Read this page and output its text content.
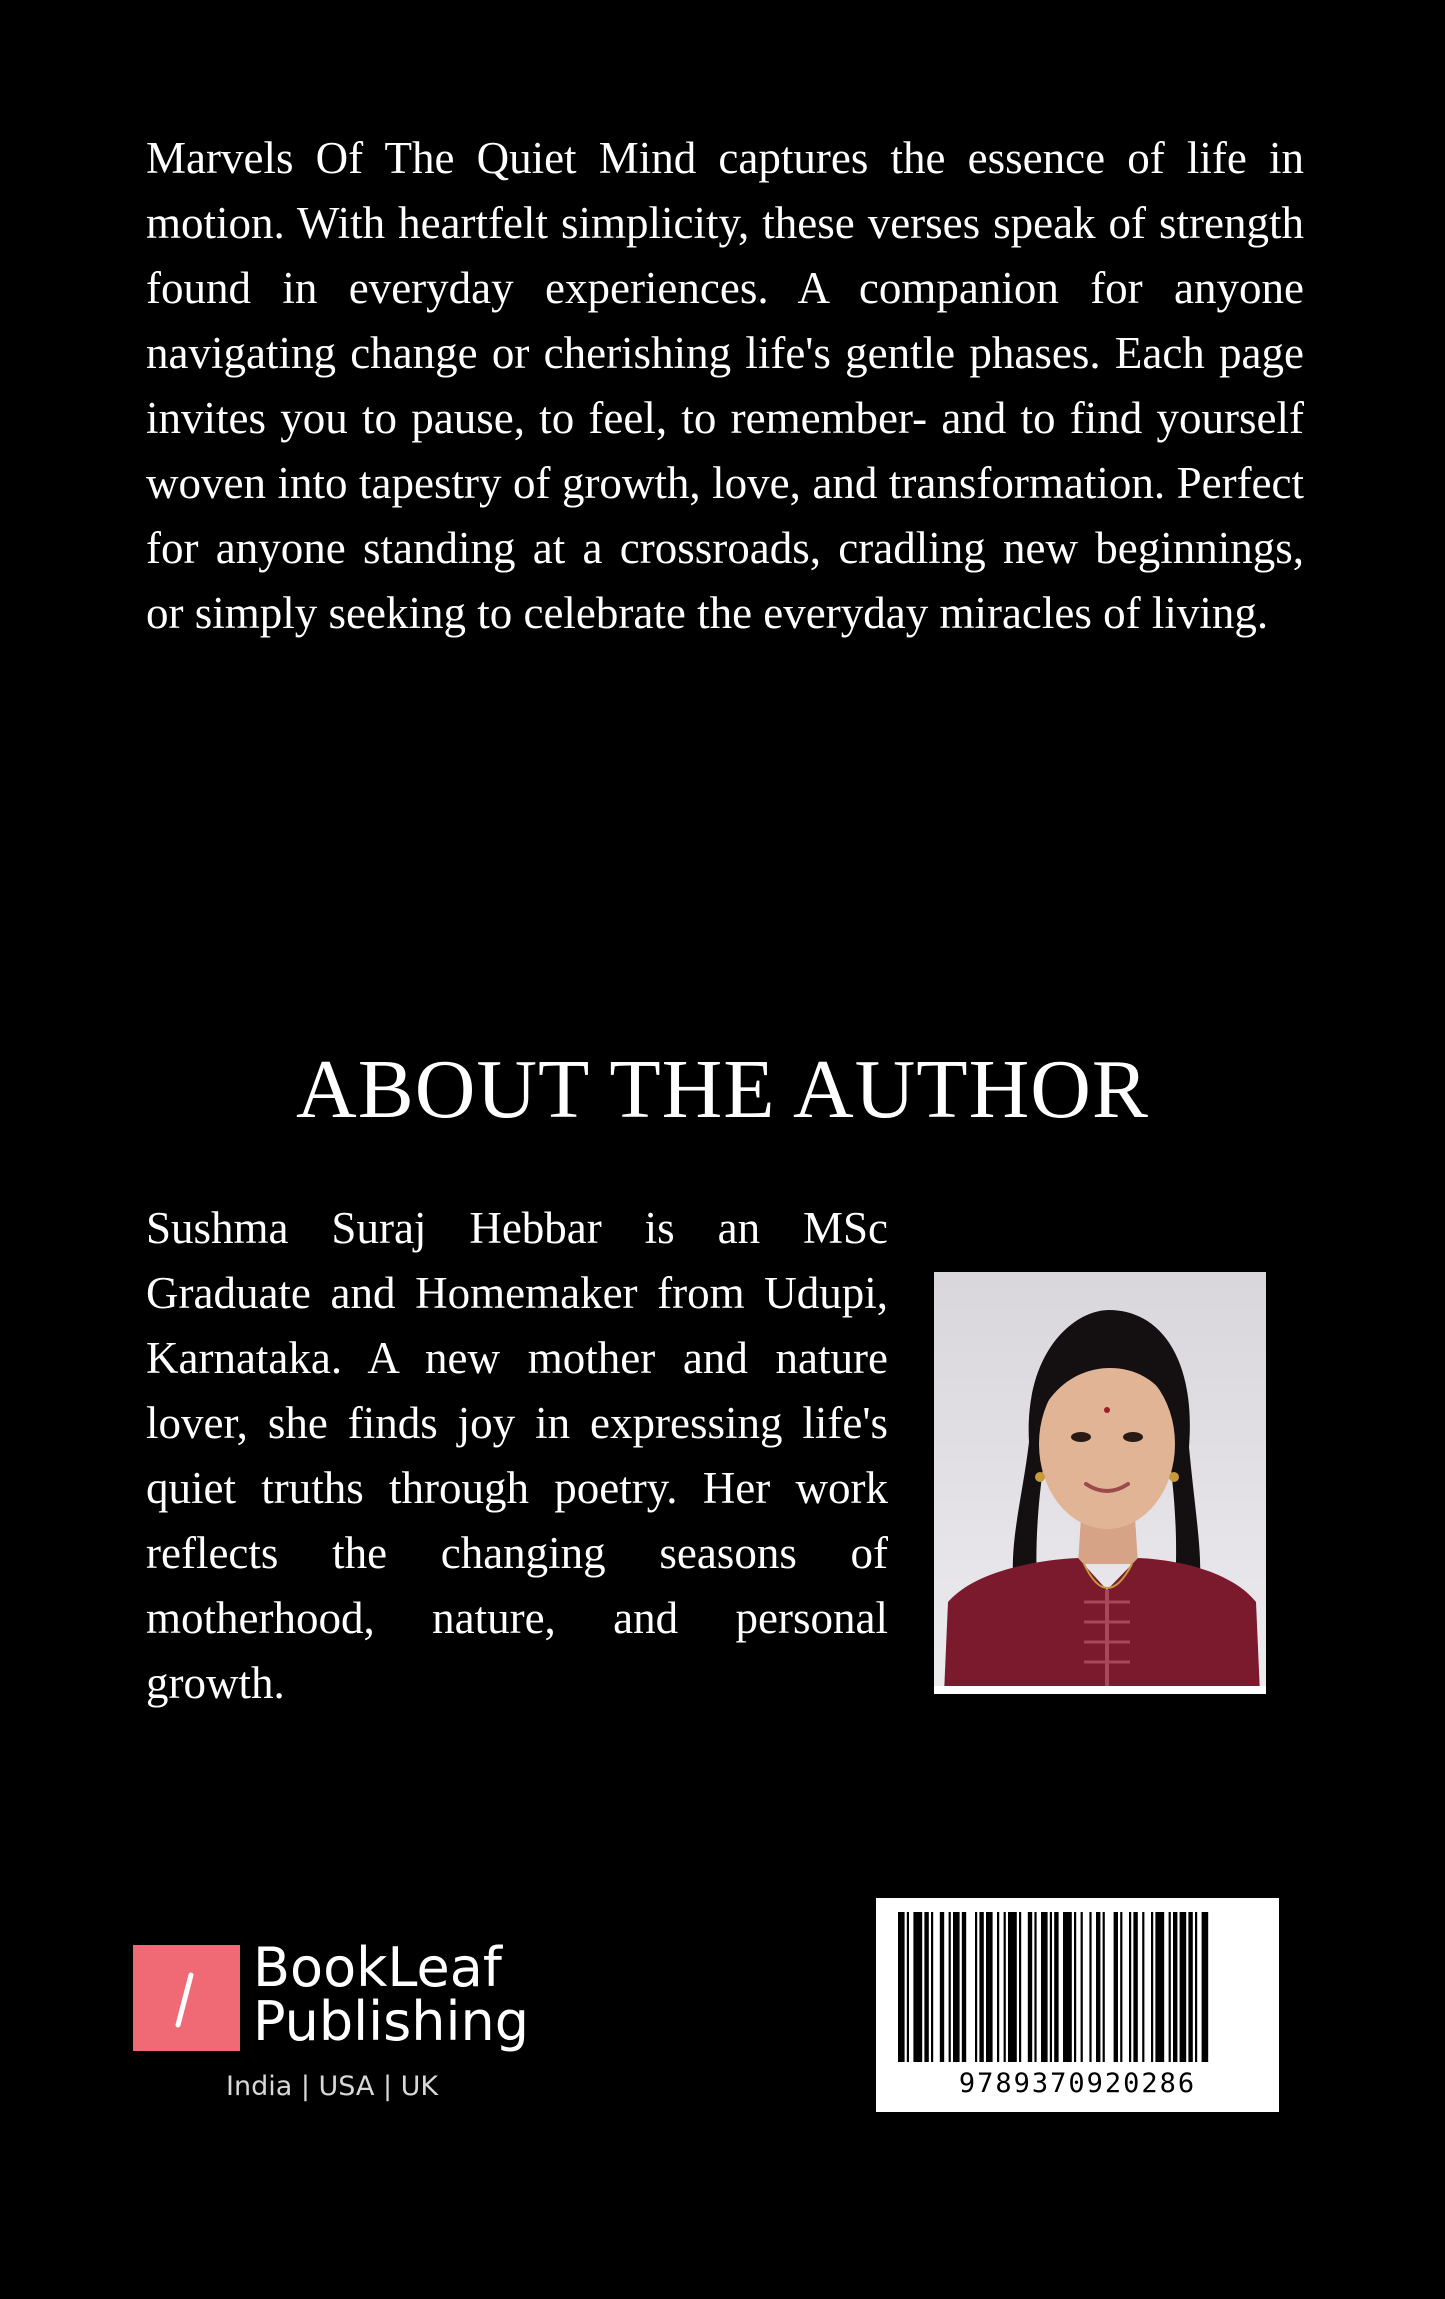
Marvels Of The Quiet Mind captures the essence of life in motion. With heartfelt simplicity, these verses speak of strength found in everyday experiences. A companion for anyone navigating change or cherishing life's gentle phases. Each page invites you to pause, to feel, to remember- and to find yourself woven into tapestry of growth, love, and transformation. Perfect for anyone standing at a crossroads, cradling new beginnings, or simply seeking to celebrate the everyday miracles of living.

ABOUT THE AUTHOR

Sushma Suraj Hebbar is an MSc Graduate and Homemaker from Udupi, Karnataka. A new mother and nature lover, she finds joy in expressing life's quiet truths through poetry. Her work reflects the changing seasons of motherhood, nature, and personal growth.

BookLeaf
Publishing
India | USA | UK	9789370920286
